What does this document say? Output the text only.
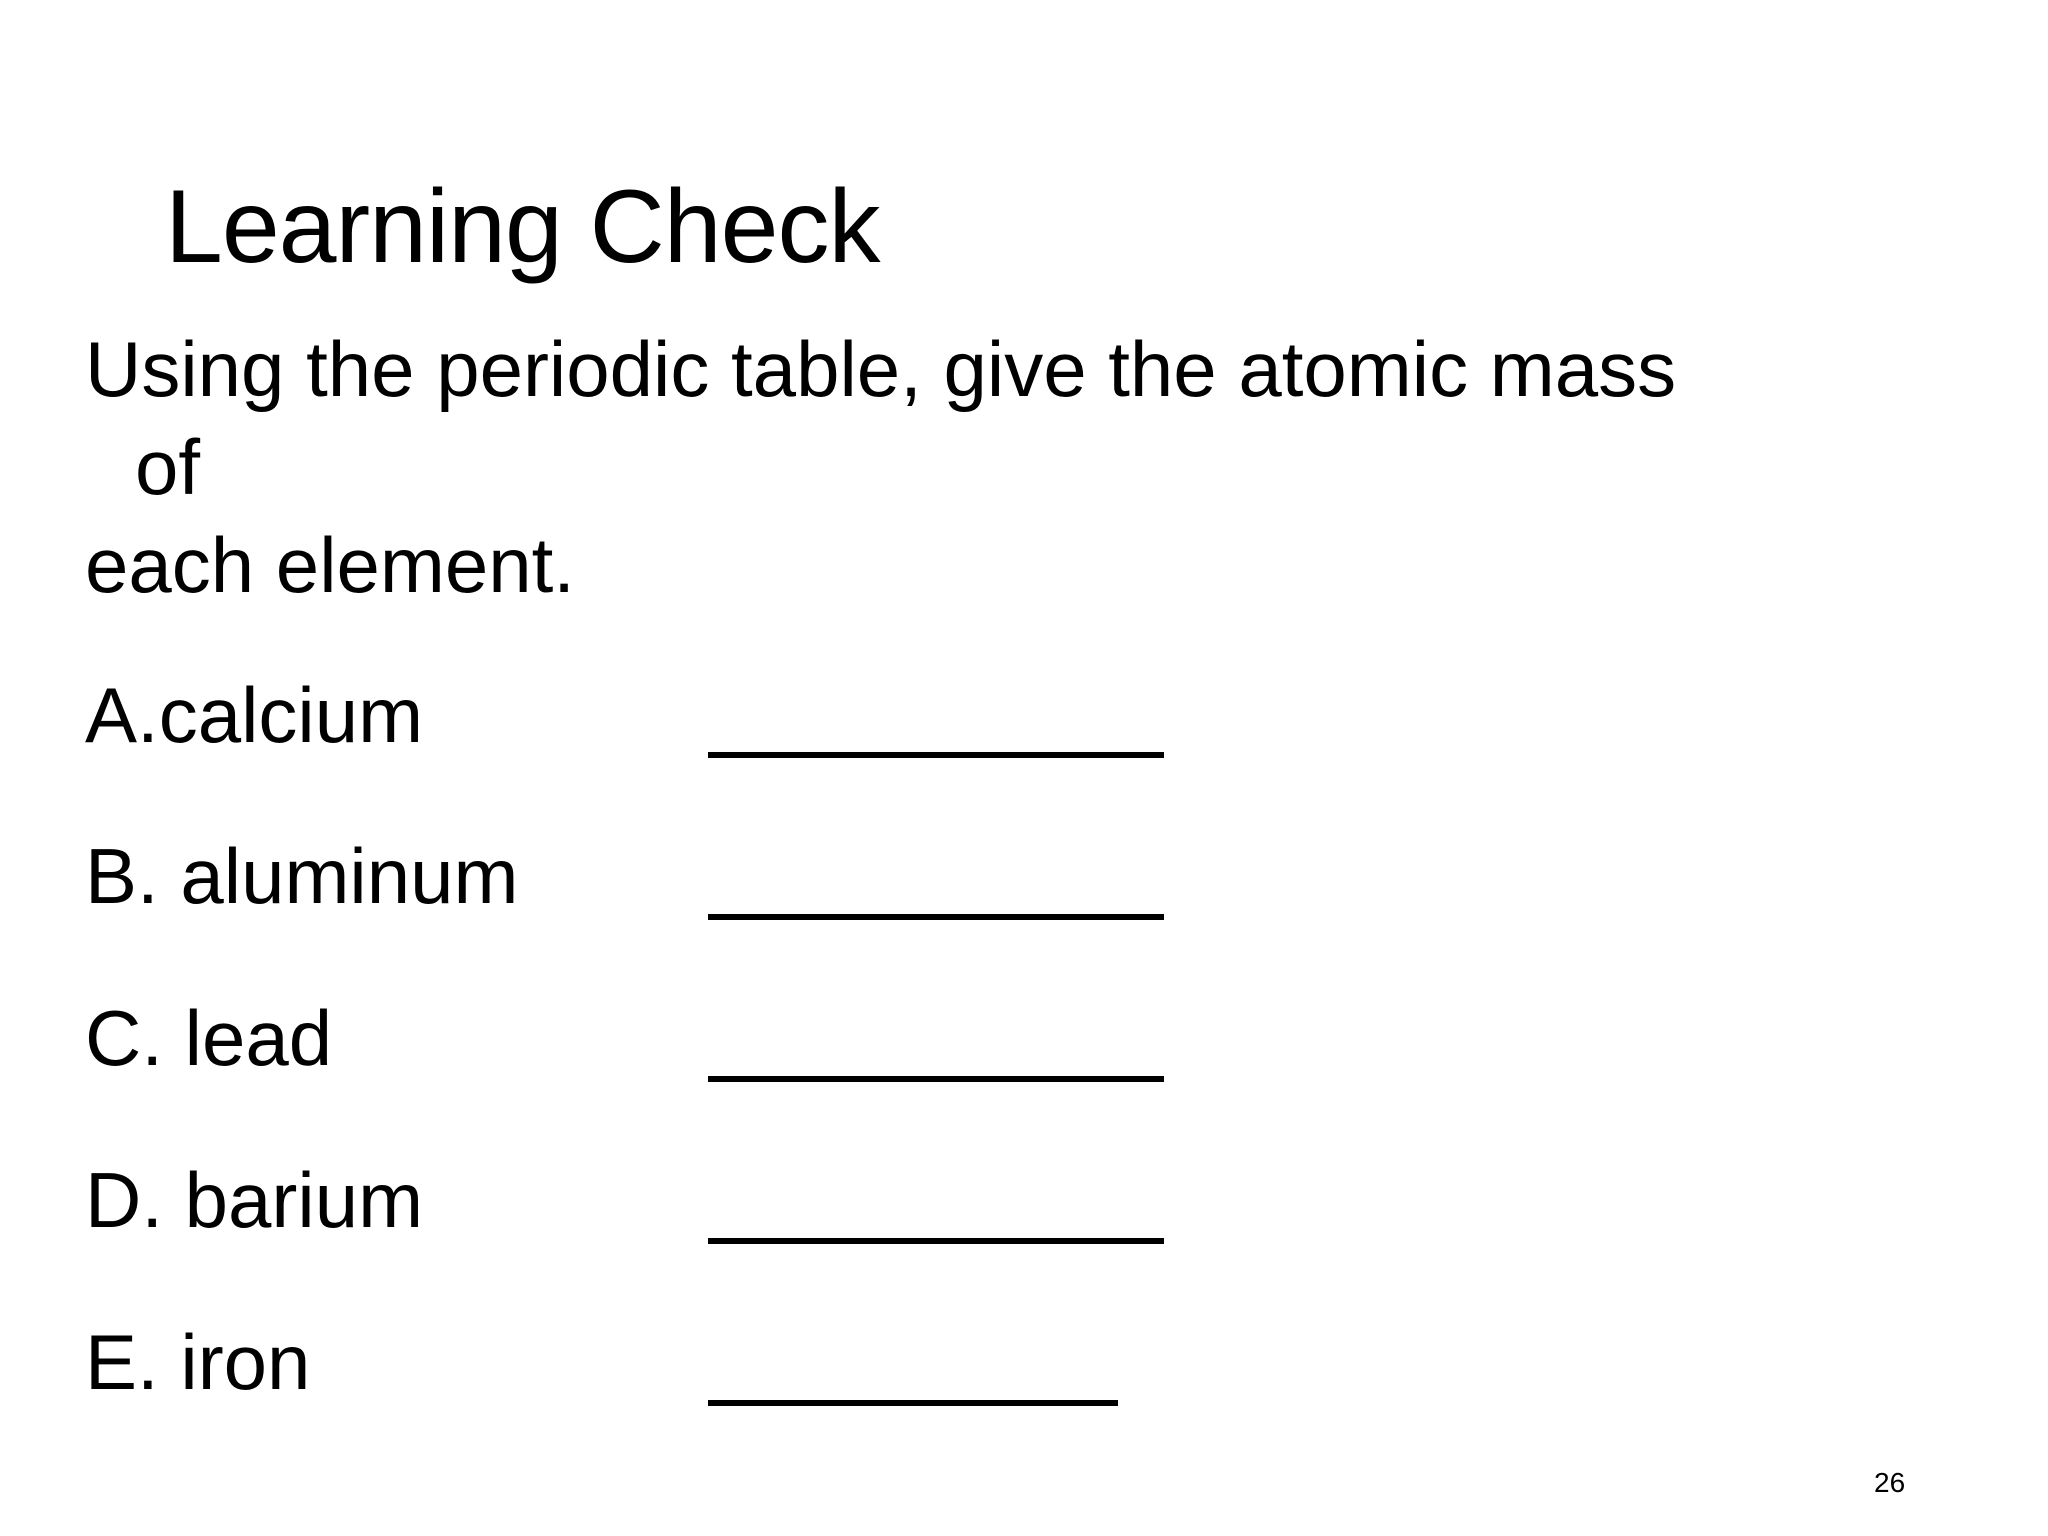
Learning Check
Using the periodic table, give the atomic mass
of
each element.
A.calcium
B. aluminum
C. lead
D. barium
E. iron
26
